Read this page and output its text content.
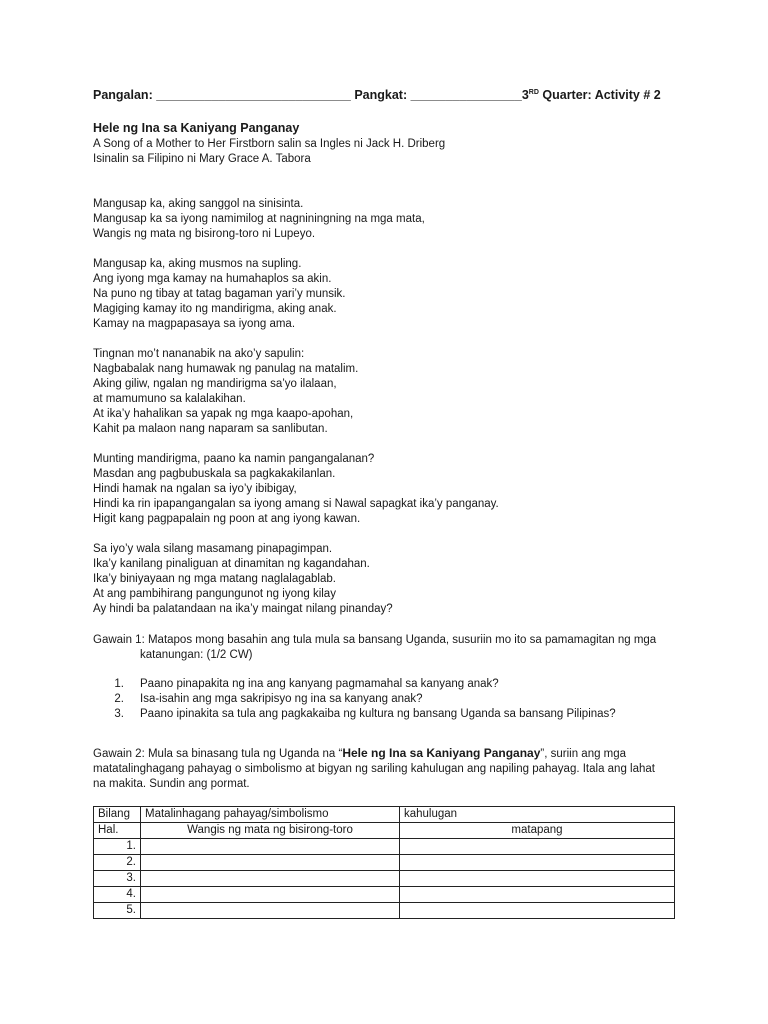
Pangalan: ____________________________ Pangkat: ________________3RD Quarter: Activity # 2
Hele ng Ina sa Kaniyang Panganay
A Song of a Mother to Her Firstborn salin sa Ingles ni Jack H. Driberg
Isinalin sa Filipino ni Mary Grace A. Tabora
Mangusap ka, aking sanggol na sinisinta.
Mangusap ka sa iyong namimilog at nagniningning na mga mata,
Wangis ng mata ng bisirong-toro ni Lupeyo.
Mangusap ka, aking musmos na supling.
Ang iyong mga kamay na humahaplos sa akin.
Na puno ng tibay at tatag bagaman yari’y munsik.
Magiging kamay ito ng mandirigma, aking anak.
Kamay na magpapasaya sa iyong ama.
Tingnan mo’t nananabik na ako’y sapulin:
Nagbabalak nang humawak ng panulag na matalim.
Aking giliw, ngalan ng mandirigma sa’yo ilalaan,
at mamumuno sa kalalakihan.
At ika’y hahalikan sa yapak ng mga kaapo-apohan,
Kahit pa malaon nang naparam sa sanlibutan.
Munting mandirigma, paano ka namin pangangalanan?
Masdan ang pagbubuskala sa pagkakakilanlan.
Hindi hamak na ngalan sa iyo’y ibibigay,
Hindi ka rin ipapangangalan sa iyong amang si Nawal sapagkat ika’y panganay.
Higit kang pagpapalain ng poon at ang iyong kawan.
Sa iyo’y wala silang masamang pinapagimpan.
Ika’y kanilang pinaliguan at dinamitan ng kagandahan.
Ika’y biniyayaan ng mga matang naglalagablab.
At ang pambihirang pangungunot ng iyong kilay
Ay hindi ba palatandaan na ika’y maingat nilang pinanday?
Gawain 1: Matapos mong basahin ang tula mula sa bansang Uganda, susuriin mo ito sa pamamagitan ng mga
katanungan: (1/2 CW)
1.	Paano pinapakita ng ina ang kanyang pagmamahal sa kanyang anak?
2.	Isa-isahin ang mga sakripisyo ng ina sa kanyang anak?
3.	Paano ipinakita sa tula ang pagkakaiba ng kultura ng bansang Uganda sa bansang Pilipinas?
Gawain 2: Mula sa binasang tula ng Uganda na “Hele ng Ina sa Kaniyang Panganay”, suriin ang mga
matatalinghagang pahayag o simbolismo at bigyan ng sariling kahulugan ang napiling pahayag. Itala ang lahat
na makita. Sundin ang pormat.
Bilang	Matalinhagang pahayag/simbolismo	kahulugan
Hal.	Wangis ng mata ng bisirong-toro	matapang
1.		
2.		
3.		
4.		
5.		
